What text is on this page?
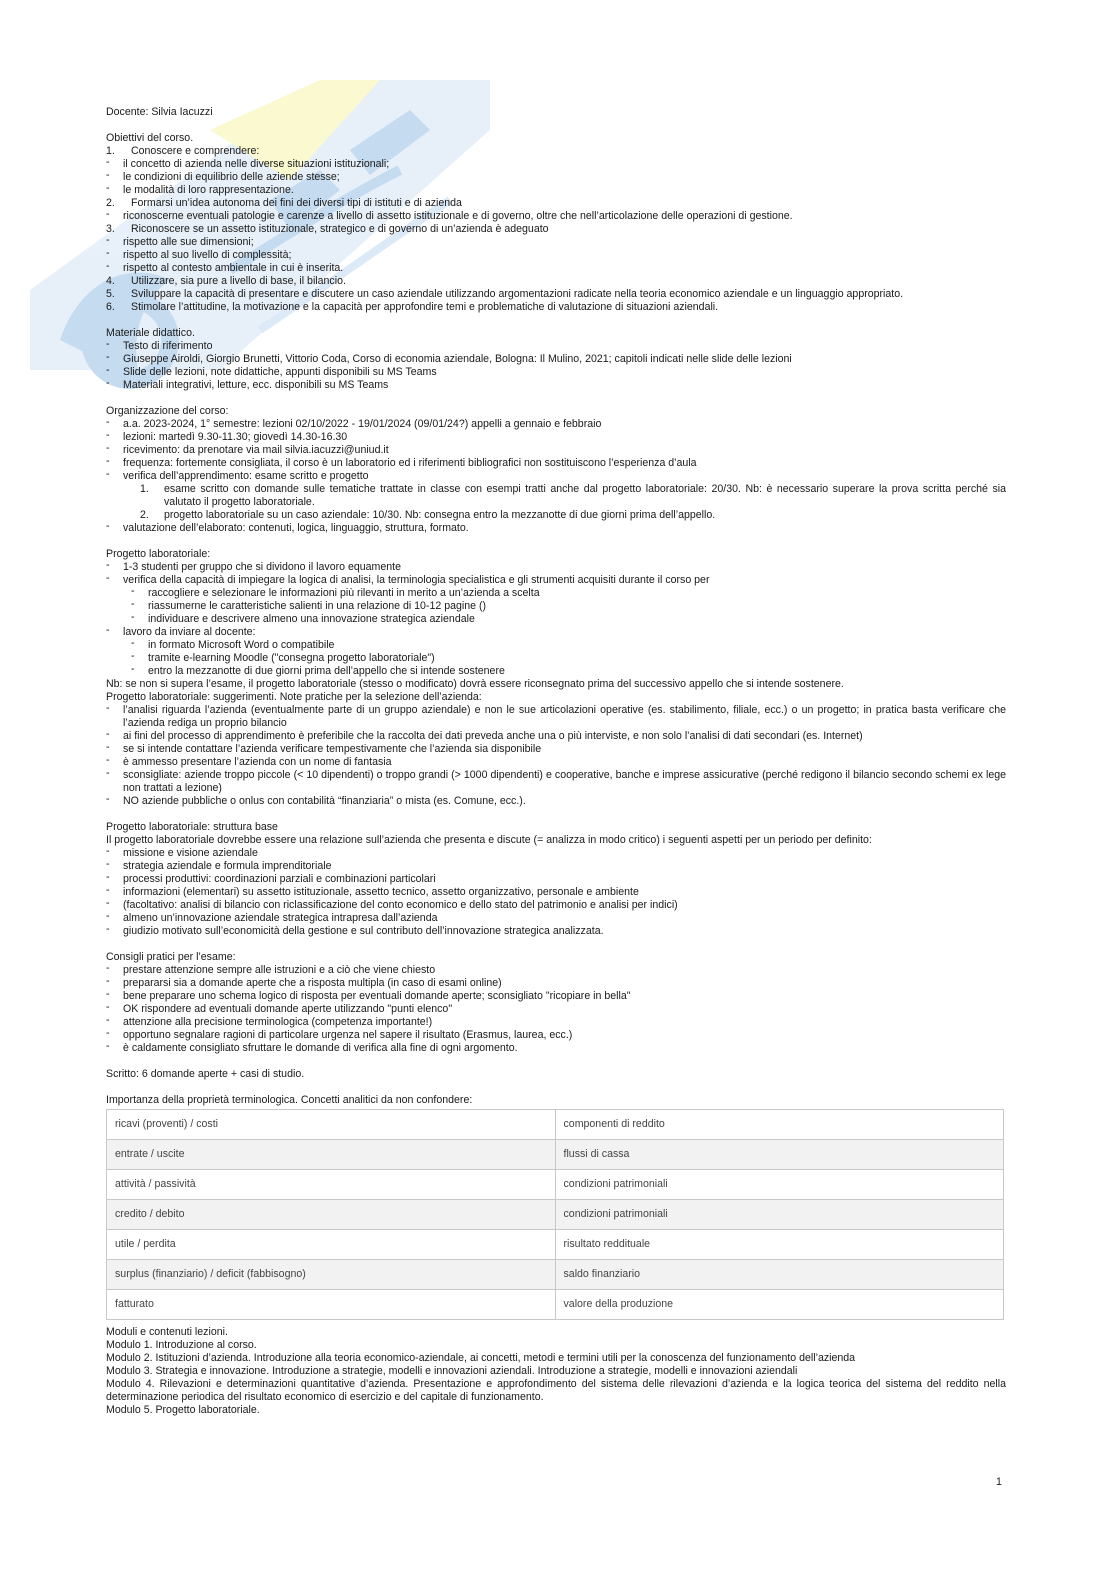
Docente: Silvia Iacuzzi
Obiettivi del corso.
1. Conoscere e comprendere:
- il concetto di azienda nelle diverse situazioni istituzionali;
- le condizioni di equilibrio delle aziende stesse;
- le modalità di loro rappresentazione.
2. Formarsi un’idea autonoma dei fini dei diversi tipi di istituti e di azienda
- riconoscerne eventuali patologie e carenze a livello di assetto istituzionale e di governo, oltre che nell’articolazione delle operazioni di gestione.
3. Riconoscere se un assetto istituzionale, strategico e di governo di un’azienda è adeguato
- rispetto alle sue dimensioni;
- rispetto al suo livello di complessità;
- rispetto al contesto ambientale in cui è inserita.
4. Utilizzare, sia pure a livello di base, il bilancio.
5. Sviluppare la capacità di presentare e discutere un caso aziendale utilizzando argomentazioni radicate nella teoria economico aziendale e un linguaggio appropriato.
6. Stimolare l’attitudine, la motivazione e la capacità per approfondire temi e problematiche di valutazione di situazioni aziendali.
Materiale didattico.
- Testo di riferimento
- Giuseppe Airoldi, Giorgio Brunetti, Vittorio Coda, Corso di economia aziendale, Bologna: Il Mulino, 2021; capitoli indicati nelle slide delle lezioni
- Slide delle lezioni, note didattiche, appunti disponibili su MS Teams
- Materiali integrativi, letture, ecc. disponibili su MS Teams
Organizzazione del corso:
- a.a. 2023-2024, 1° semestre: lezioni 02/10/2022 - 19/01/2024 (09/01/24?) appelli a gennaio e febbraio
- lezioni: martedì 9.30-11.30; giovedì 14.30-16.30
- ricevimento: da prenotare via mail silvia.iacuzzi@uniud.it
- frequenza: fortemente consigliata, il corso è un laboratorio ed i riferimenti bibliografici non sostituiscono l’esperienza d’aula
- verifica dell’apprendimento: esame scritto e progetto
1. esame scritto con domande sulle tematiche trattate in classe con esempi tratti anche dal progetto laboratoriale: 20/30. Nb: è necessario superare la prova scritta perché sia valutato il progetto laboratoriale.
2. progetto laboratoriale su un caso aziendale: 10/30. Nb: consegna entro la mezzanotte di due giorni prima dell’appello.
- valutazione dell’elaborato: contenuti, logica, linguaggio, struttura, formato.
Progetto laboratoriale:
- 1-3 studenti per gruppo che si dividono il lavoro equamente
- verifica della capacità di impiegare la logica di analisi, la terminologia specialistica e gli strumenti acquisiti durante il corso per
- raccogliere e selezionare le informazioni più rilevanti in merito a un’azienda a scelta
- riassumerne le caratteristiche salienti in una relazione di 10-12 pagine ()
- individuare e descrivere almeno una innovazione strategica aziendale
- lavoro da inviare al docente:
- in formato Microsoft Word o compatibile
- tramite e-learning Moodle ("consegna progetto laboratoriale")
- entro la mezzanotte di due giorni prima dell’appello che si intende sostenere
Nb: se non si supera l’esame, il progetto laboratoriale (stesso o modificato) dovrà essere riconsegnato prima del successivo appello che si intende sostenere.
Progetto laboratoriale: suggerimenti. Note pratiche per la selezione dell’azienda:
- l’analisi riguarda l’azienda (eventualmente parte di un gruppo aziendale) e non le sue articolazioni operative (es. stabilimento, filiale, ecc.) o un progetto; in pratica basta verificare che l’azienda rediga un proprio bilancio
- ai fini del processo di apprendimento è preferibile che la raccolta dei dati preveda anche una o più interviste, e non solo l’analisi di dati secondari (es. Internet)
- se si intende contattare l’azienda verificare tempestivamente che l’azienda sia disponibile
- è ammesso presentare l’azienda con un nome di fantasia
- sconsigliate: aziende troppo piccole (< 10 dipendenti) o troppo grandi (> 1000 dipendenti) e cooperative, banche e imprese assicurative (perché redigono il bilancio secondo schemi ex lege non trattati a lezione)
- NO aziende pubbliche o onlus con contabilità “finanziaria” o mista (es. Comune, ecc.).
Progetto laboratoriale: struttura base
Il progetto laboratoriale dovrebbe essere una relazione sull’azienda che presenta e discute (= analizza in modo critico) i seguenti aspetti per un periodo per definito:
- missione e visione aziendale
- strategia aziendale e formula imprenditoriale
- processi produttivi: coordinazioni parziali e combinazioni particolari
- informazioni (elementari) su assetto istituzionale, assetto tecnico, assetto organizzativo, personale e ambiente
- (facoltativo: analisi di bilancio con riclassificazione del conto economico e dello stato del patrimonio e analisi per indici)
- almeno un’innovazione aziendale strategica intrapresa dall’azienda
- giudizio motivato sull’economicità della gestione e sul contributo dell’innovazione strategica analizzata.
Consigli pratici per l’esame:
- prestare attenzione sempre alle istruzioni e a ciò che viene chiesto
- prepararsi sia a domande aperte che a risposta multipla (in caso di esami online)
- bene preparare uno schema logico di risposta per eventuali domande aperte; sconsigliato "ricopiare in bella"
- OK rispondere ad eventuali domande aperte utilizzando "punti elenco"
- attenzione alla precisione terminologica (competenza importante!)
- opportuno segnalare ragioni di particolare urgenza nel sapere il risultato (Erasmus, laurea, ecc.)
- è caldamente consigliato sfruttare le domande di verifica alla fine di ogni argomento.
Scritto: 6 domande aperte + casi di studio.
Importanza della proprietà terminologica. Concetti analitici da non confondere:
ricavi (proventi) / costi	componenti di reddito
entrate / uscite	flussi di cassa
attività / passività	condizioni patrimoniali
credito / debito	condizioni patrimoniali
utile / perdita	risultato reddituale
surplus (finanziario) / deficit (fabbisogno)	saldo finanziario
fatturato	valore della produzione
Moduli e contenuti lezioni.
Modulo 1. Introduzione al corso.
Modulo 2. Istituzioni d’azienda. Introduzione alla teoria economico-aziendale, ai concetti, metodi e termini utili per la conoscenza del funzionamento dell’azienda
Modulo 3. Strategia e innovazione. Introduzione a strategie, modelli e innovazioni aziendali. Introduzione a strategie, modelli e innovazioni aziendali
Modulo 4. Rilevazioni e determinazioni quantitative d’azienda. Presentazione e approfondimento del sistema delle rilevazioni d’azienda e la logica teorica del sistema del reddito nella determinazione periodica del risultato economico di esercizio e del capitale di funzionamento.
Modulo 5. Progetto laboratoriale.
1
